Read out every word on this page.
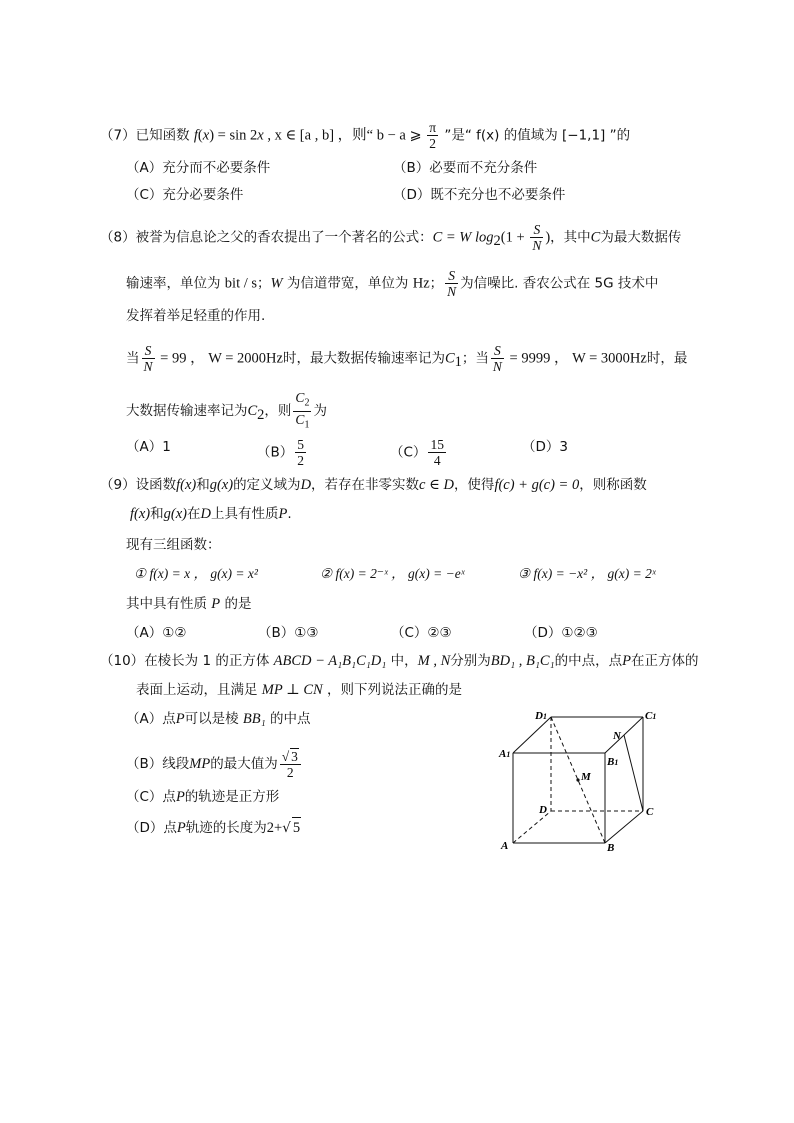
（7）已知函数 f(x) = sin 2x , x ∈ [a , b] ，则“ b − a ⩾ $\frac{\pi}{2}$ ”是“ f(x) 的值域为 [−1,1] ”的
（A）充分而不必要条件	（B）必要而不充分条件
（C）充分必要条件	（D）既不充分也不必要条件
（8）被誉为信息论之父的香农提出了一个著名的公式：C = W $\log_2(1 + \frac{S}{N}$ )，其中C为最大数据传
输速率，单位为 bit / s；W 为信道带宽，单位为 Hz； $\frac{S}{N}$ 为信噪比. 香农公式在 5G 技术中
发挥着举足轻重的作用.
当 $\frac{S}{N} = 99$ ， W = 2000Hz时，最大数据传输速率记为$C_1$；当 $\frac{S}{N} = 9999$ ， W = 3000Hz时，最
大数据传输速率记为$C_2$，则 $\frac{C_2}{C_1}$ 为
（A）1	$(B) \frac{5}{2}$	$(C) \frac{15}{4}$	（D）3
（9）设函数f(x)和g(x)的定义域为D，若存在非零实数c ∈ D，使得f(c) + g(c) = 0，则称函数
f(x)和g(x)在D上具有性质P.
现有三组函数：
① f(x) = x ， g(x) = x²	② f(x) = 2⁻ˣ ， g(x) = −eˣ	③ f(x) = −x² ， g(x) = 2ˣ
其中具有性质 P 的是
（A）①②	（B）①③	（C）②③	（D）①②③
（10）在棱长为 1 的正方体 ABCD − A₁B₁C₁D₁ 中，M , N分别为BD₁ , B₁C₁的中点，点P在正方体的
表面上运动，且满足 MP ⊥ CN ，则下列说法正确的是
（A）点P可以是棱 BB₁ 的中点
（B）线段MP的最大值为 $\frac{√ 3}{2}$
（C）点P的轨迹是正方形
（D）点P轨迹的长度为2+√ 5
A1
D1	C1
B1
N
M
D	C
A	B
